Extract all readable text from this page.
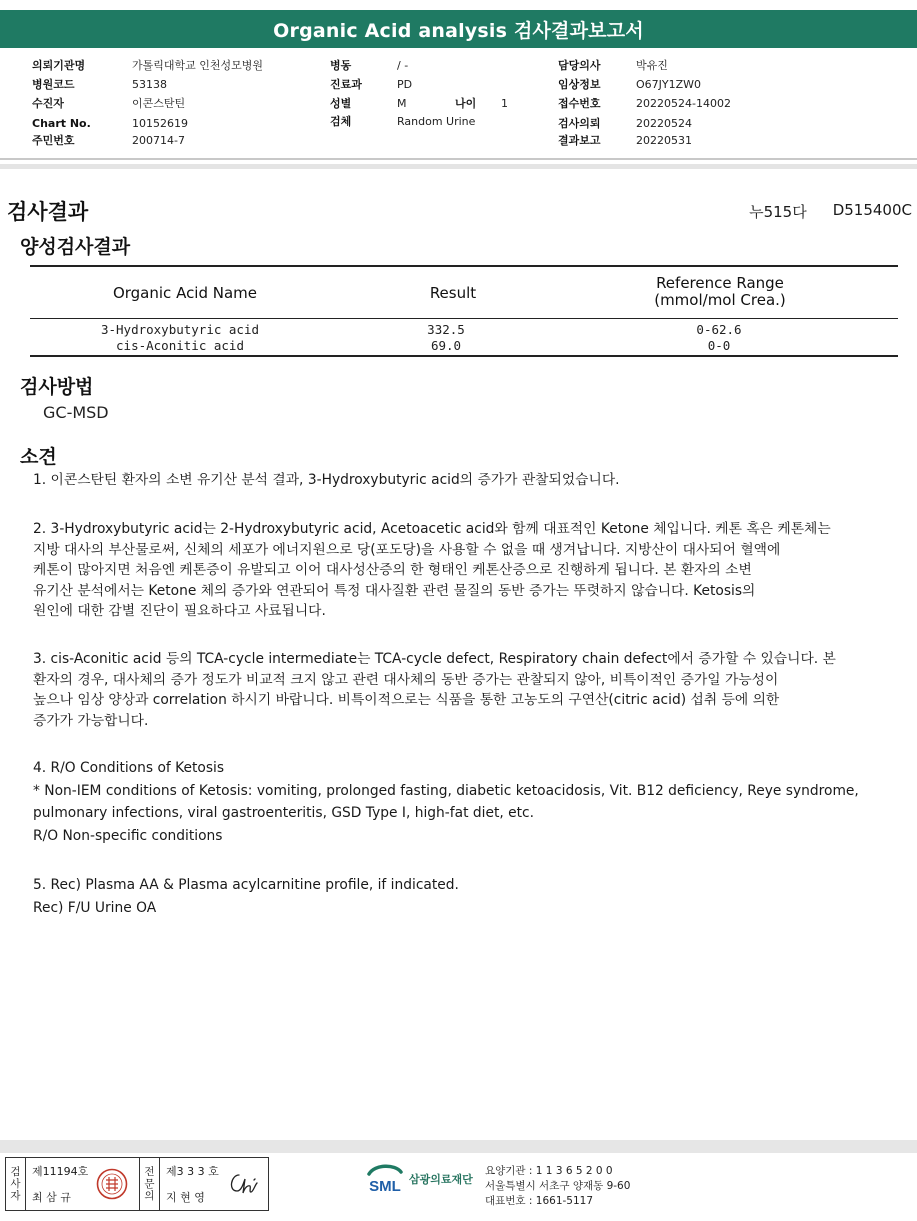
Organic Acid analysis 검사결과보고서
의뢰기관명	가톨릭대학교 인천성모병원
병원코드	53138
수진자	이콘스탄틴
Chart No.	10152619
주민번호	200714-7
병동	/ -
진료과	PD
성별	M	나이	1
검체	Random Urine
담당의사	박유진
임상정보	O67JY1ZW0
접수번호	20220524-14002
검사의뢰	20220524
결과보고	20220531
검사결과	누515다 D515400C
양성검사결과
Organic Acid Name	Result
Reference Range
(mmol/mol Crea.)
3-Hydroxybutyric acid	332.5	0-62.6
cis-Aconitic acid	69.0	0-0
검사방법
GC-MSD
소견
1. 이콘스탄틴 환자의 소변 유기산 분석 결과, 3-Hydroxybutyric acid의 증가가 관찰되었습니다.
2. 3-Hydroxybutyric acid는 2-Hydroxybutyric acid, Acetoacetic acid와 함께 대표적인 Ketone 체입니다. 케톤 혹은 케톤체는
지방 대사의 부산물로써, 신체의 세포가 에너지원으로 당(포도당)을 사용할 수 없을 때 생겨납니다. 지방산이 대사되어 혈액에
케톤이 많아지면 처음엔 케톤증이 유발되고 이어 대사성산증의 한 형태인 케톤산증으로 진행하게 됩니다. 본 환자의 소변
유기산 분석에서는 Ketone 체의 증가와 연관되어 특정 대사질환 관련 물질의 동반 증가는 뚜렷하지 않습니다. Ketosis의
원인에 대한 감별 진단이 필요하다고 사료됩니다.
3. cis-Aconitic acid 등의 TCA-cycle intermediate는 TCA-cycle defect, Respiratory chain defect에서 증가할 수 있습니다. 본
환자의 경우, 대사체의 증가 정도가 비교적 크지 않고 관련 대사체의 동반 증가는 관찰되지 않아, 비특이적인 증가일 가능성이
높으나 임상 양상과 correlation 하시기 바랍니다. 비특이적으로는 식품을 통한 고농도의 구연산(citric acid) 섭취 등에 의한
증가가 가능합니다.
4. R/O Conditions of Ketosis
* Non-IEM conditions of Ketosis: vomiting, prolonged fasting, diabetic ketoacidosis, Vit. B12 deficiency, Reye syndrome,
pulmonary infections, viral gastroenteritis, GSD Type I, high-fat diet, etc.
R/O Non-specific conditions
5. Rec) Plasma AA & Plasma acylcarnitine profile, if indicated.
Rec) F/U Urine OA
검
사
자
제11194호
최 삼 규
전
문
의
제3 3 3 호
지 현 영
SML 삼광의료재단
요양기관 : 1 1 3 6 5 2 0 0
서울특별시 서초구 양재동 9-60
대표번호 : 1661-5117
